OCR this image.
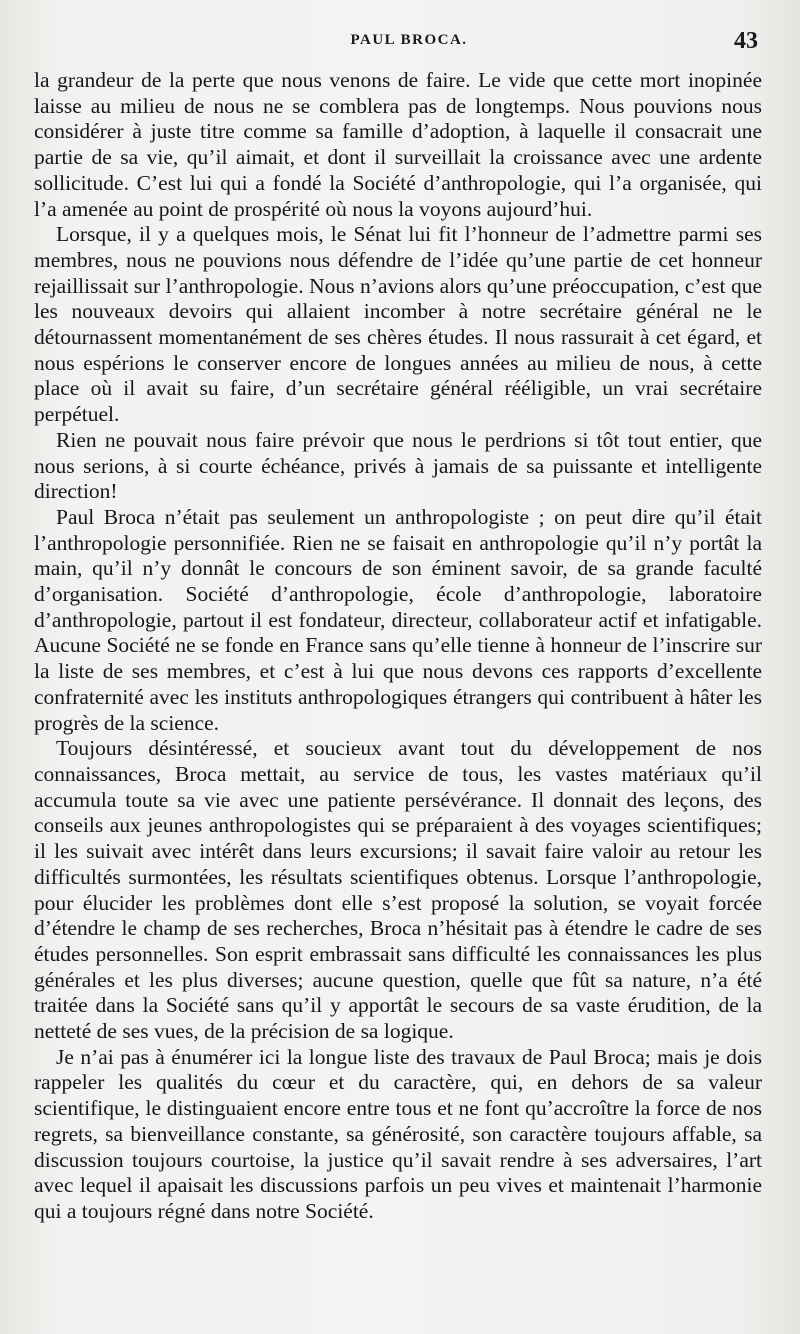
PAUL BROCA.	43

la grandeur de la perte que nous venons de faire. Le vide que cette mort inopinée laisse au milieu de nous ne se comblera pas de longtemps. Nous pouvions nous considérer à juste titre comme sa famille d’adoption, à laquelle il consacrait une partie de sa vie, qu’il aimait, et dont il surveillait la croissance avec une ardente sollicitude. C’est lui qui a fondé la Société d’anthropologie, qui l’a organisée, qui l’a amenée au point de prospérité où nous la voyons aujourd’hui.

Lorsque, il y a quelques mois, le Sénat lui fit l’honneur de l’admettre parmi ses membres, nous ne pouvions nous défendre de l’idée qu’une partie de cet honneur rejaillissait sur l’anthropologie. Nous n’avions alors qu’une préoccupation, c’est que les nouveaux devoirs qui allaient incomber à notre secrétaire général ne le détournassent momentanément de ses chères études. Il nous rassurait à cet égard, et nous espérions le conserver encore de longues années au milieu de nous, à cette place où il avait su faire, d’un secrétaire général rééligible, un vrai secrétaire perpétuel.

Rien ne pouvait nous faire prévoir que nous le perdrions si tôt tout entier, que nous serions, à si courte échéance, privés à jamais de sa puissante et intelligente direction!

Paul Broca n’était pas seulement un anthropologiste ; on peut dire qu’il était l’anthropologie personnifiée. Rien ne se faisait en anthropologie qu’il n’y portât la main, qu’il n’y donnât le concours de son éminent savoir, de sa grande faculté d’organisation. Société d’anthropologie, école d’anthropologie, laboratoire d’anthropologie, partout il est fondateur, directeur, collaborateur actif et infatigable. Aucune Société ne se fonde en France sans qu’elle tienne à honneur de l’inscrire sur la liste de ses membres, et c’est à lui que nous devons ces rapports d’excellente confraternité avec les instituts anthropologiques étrangers qui contribuent à hâter les progrès de la science.

Toujours désintéressé, et soucieux avant tout du développement de nos connaissances, Broca mettait, au service de tous, les vastes matériaux qu’il accumula toute sa vie avec une patiente persévérance. Il donnait des leçons, des conseils aux jeunes anthropologistes qui se préparaient à des voyages scientifiques; il les suivait avec intérêt dans leurs excursions; il savait faire valoir au retour les difficultés surmontées, les résultats scientifiques obtenus. Lorsque l’anthropologie, pour élucider les problèmes dont elle s’est proposé la solution, se voyait forcée d’étendre le champ de ses recherches, Broca n’hésitait pas à étendre le cadre de ses études personnelles. Son esprit embrassait sans difficulté les connaissances les plus générales et les plus diverses; aucune question, quelle que fût sa nature, n’a été traitée dans la Société sans qu’il y apportât le secours de sa vaste érudition, de la netteté de ses vues, de la précision de sa logique.

Je n’ai pas à énumérer ici la longue liste des travaux de Paul Broca; mais je dois rappeler les qualités du cœur et du caractère, qui, en dehors de sa valeur scientifique, le distinguaient encore entre tous et ne font qu’accroître la force de nos regrets, sa bienveillance constante, sa générosité, son caractère toujours affable, sa discussion toujours courtoise, la justice qu’il savait rendre à ses adversaires, l’art avec lequel il apaisait les discussions parfois un peu vives et maintenait l’harmonie qui a toujours régné dans notre Société.
